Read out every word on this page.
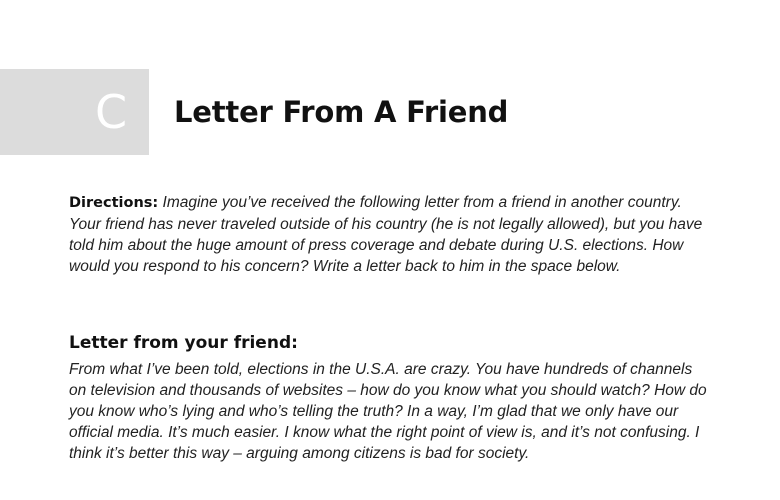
C Letter From A Friend

Directions: Imagine you’ve received the following letter from a friend in another country. Your friend has never traveled outside of his country (he is not legally allowed), but you have told him about the huge amount of press coverage and debate during U.S. elections. How would you respond to his concern? Write a letter back to him in the space below.

Letter from your friend:

From what I’ve been told, elections in the U.S.A. are crazy. You have hundreds of channels on television and thousands of websites – how do you know what you should watch? How do you know who’s lying and who’s telling the truth? In a way, I’m glad that we only have our official media. It’s much easier. I know what the right point of view is, and it’s not confusing. I think it’s better this way – arguing among citizens is bad for society.
